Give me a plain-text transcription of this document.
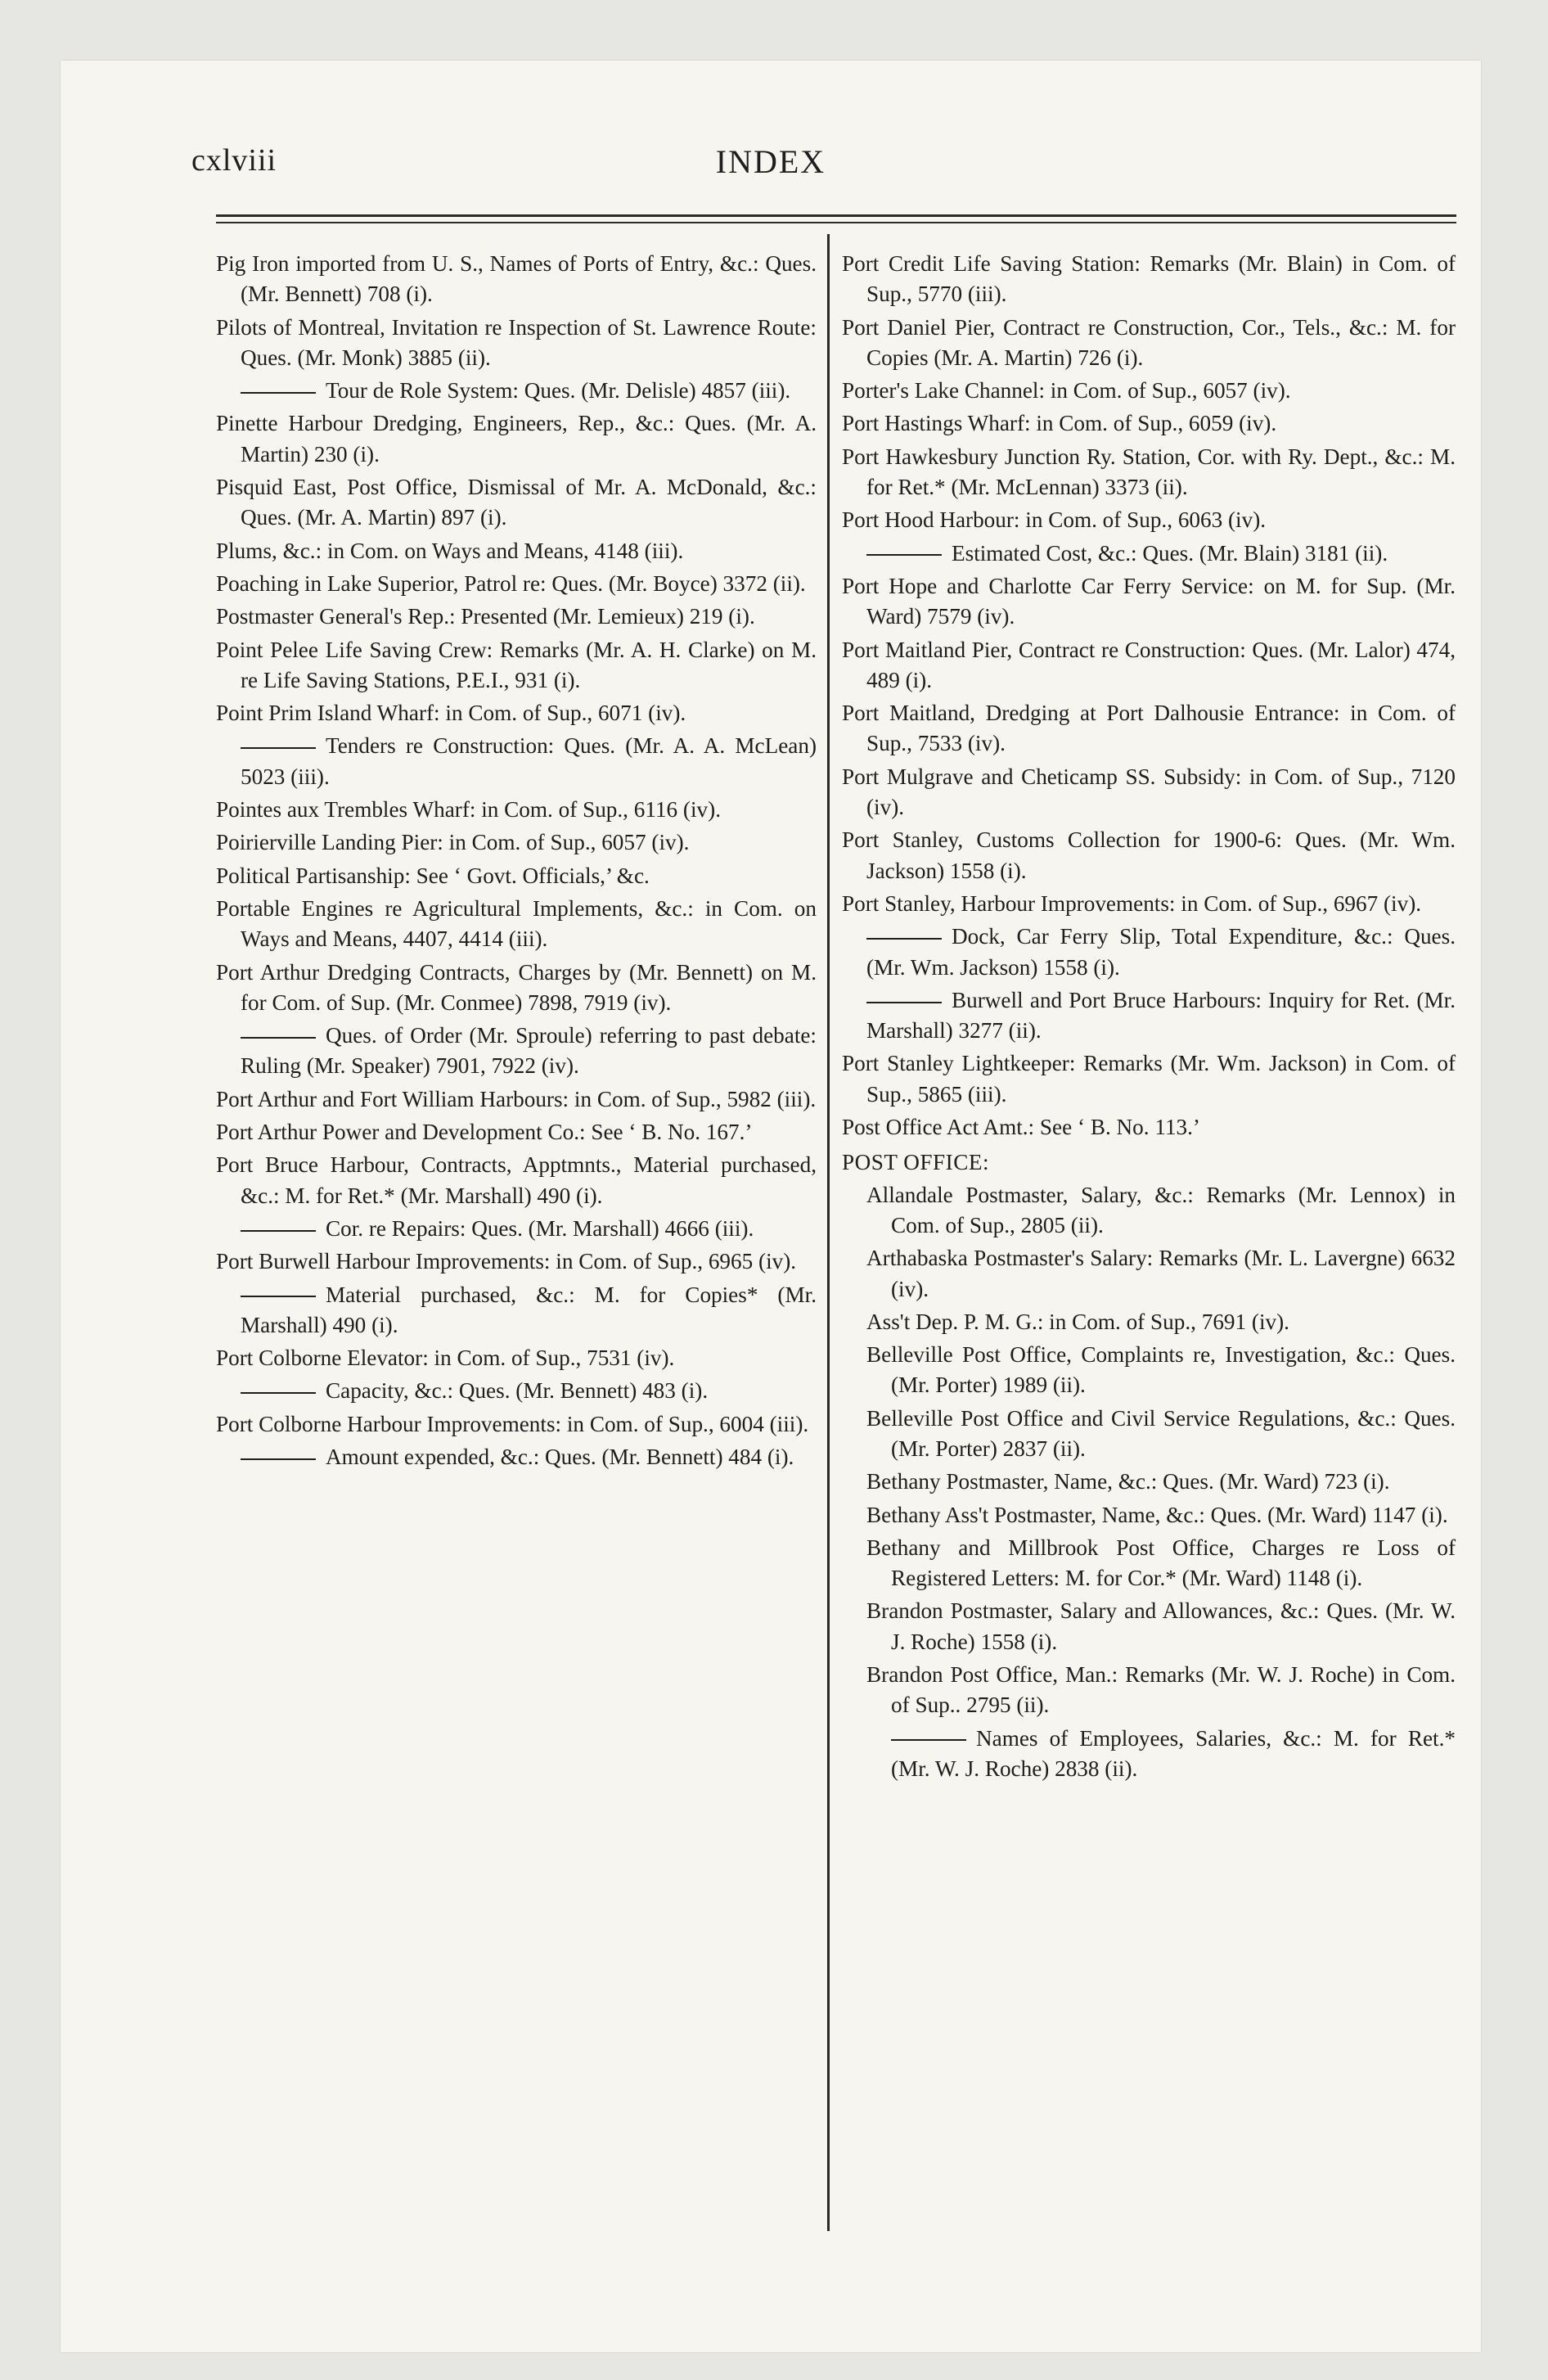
cxlviii	INDEX

Pig Iron imported from U. S., Names of Ports of Entry, &c.: Ques. (Mr. Bennett) 708 (i).

Pilots of Montreal, Invitation re Inspection of St. Lawrence Route: Ques. (Mr. Monk) 3885 (ii).

Tour de Role System: Ques. (Mr. Delisle) 4857 (iii).

Pinette Harbour Dredging, Engineers, Rep., &c.: Ques. (Mr. A. Martin) 230 (i).

Pisquid East, Post Office, Dismissal of Mr. A. McDonald, &c.: Ques. (Mr. A. Martin) 897 (i).

Plums, &c.: in Com. on Ways and Means, 4148 (iii).

Poaching in Lake Superior, Patrol re: Ques. (Mr. Boyce) 3372 (ii).

Postmaster General's Rep.: Presented (Mr. Lemieux) 219 (i).

Point Pelee Life Saving Crew: Remarks (Mr. A. H. Clarke) on M. re Life Saving Stations, P.E.I., 931 (i).

Point Prim Island Wharf: in Com. of Sup., 6071 (iv).

Tenders re Construction: Ques. (Mr. A. A. McLean) 5023 (iii).

Pointes aux Trembles Wharf: in Com. of Sup., 6116 (iv).

Poirierville Landing Pier: in Com. of Sup., 6057 (iv).

Political Partisanship: See ‘ Govt. Officials,’ &c.

Portable Engines re Agricultural Implements, &c.: in Com. on Ways and Means, 4407, 4414 (iii).

Port Arthur Dredging Contracts, Charges by (Mr. Bennett) on M. for Com. of Sup. (Mr. Conmee) 7898, 7919 (iv).

Ques. of Order (Mr. Sproule) referring to past debate: Ruling (Mr. Speaker) 7901, 7922 (iv).

Port Arthur and Fort William Harbours: in Com. of Sup., 5982 (iii).

Port Arthur Power and Development Co.: See ‘ B. No. 167.’

Port Bruce Harbour, Contracts, Apptmnts., Material purchased, &c.: M. for Ret.* (Mr. Marshall) 490 (i).

Cor. re Repairs: Ques. (Mr. Marshall) 4666 (iii).

Port Burwell Harbour Improvements: in Com. of Sup., 6965 (iv).

Material purchased, &c.: M. for Copies* (Mr. Marshall) 490 (i).

Port Colborne Elevator: in Com. of Sup., 7531 (iv).

Capacity, &c.: Ques. (Mr. Bennett) 483 (i).

Port Colborne Harbour Improvements: in Com. of Sup., 6004 (iii).

Amount expended, &c.: Ques. (Mr. Bennett) 484 (i).

Port Credit Life Saving Station: Remarks (Mr. Blain) in Com. of Sup., 5770 (iii).

Port Daniel Pier, Contract re Construction, Cor., Tels., &c.: M. for Copies (Mr. A. Martin) 726 (i).

Porter's Lake Channel: in Com. of Sup., 6057 (iv).

Port Hastings Wharf: in Com. of Sup., 6059 (iv).

Port Hawkesbury Junction Ry. Station, Cor. with Ry. Dept., &c.: M. for Ret.* (Mr. McLennan) 3373 (ii).

Port Hood Harbour: in Com. of Sup., 6063 (iv).

Estimated Cost, &c.: Ques. (Mr. Blain) 3181 (ii).

Port Hope and Charlotte Car Ferry Service: on M. for Sup. (Mr. Ward) 7579 (iv).

Port Maitland Pier, Contract re Construction: Ques. (Mr. Lalor) 474, 489 (i).

Port Maitland, Dredging at Port Dalhousie Entrance: in Com. of Sup., 7533 (iv).

Port Mulgrave and Cheticamp SS. Subsidy: in Com. of Sup., 7120 (iv).

Port Stanley, Customs Collection for 1900-6: Ques. (Mr. Wm. Jackson) 1558 (i).

Port Stanley, Harbour Improvements: in Com. of Sup., 6967 (iv).

Dock, Car Ferry Slip, Total Expenditure, &c.: Ques. (Mr. Wm. Jackson) 1558 (i).

Burwell and Port Bruce Harbours: Inquiry for Ret. (Mr. Marshall) 3277 (ii).

Port Stanley Lightkeeper: Remarks (Mr. Wm. Jackson) in Com. of Sup., 5865 (iii).

Post Office Act Amt.: See ‘ B. No. 113.’

POST OFFICE:

Allandale Postmaster, Salary, &c.: Remarks (Mr. Lennox) in Com. of Sup., 2805 (ii).

Arthabaska Postmaster's Salary: Remarks (Mr. L. Lavergne) 6632 (iv).

Ass't Dep. P. M. G.: in Com. of Sup., 7691 (iv).

Belleville Post Office, Complaints re, Investigation, &c.: Ques. (Mr. Porter) 1989 (ii).

Belleville Post Office and Civil Service Regulations, &c.: Ques. (Mr. Porter) 2837 (ii).

Bethany Postmaster, Name, &c.: Ques. (Mr. Ward) 723 (i).

Bethany Ass't Postmaster, Name, &c.: Ques. (Mr. Ward) 1147 (i).

Bethany and Millbrook Post Office, Charges re Loss of Registered Letters: M. for Cor.* (Mr. Ward) 1148 (i).

Brandon Postmaster, Salary and Allowances, &c.: Ques. (Mr. W. J. Roche) 1558 (i).

Brandon Post Office, Man.: Remarks (Mr. W. J. Roche) in Com. of Sup.. 2795 (ii).

Names of Employees, Salaries, &c.: M. for Ret.* (Mr. W. J. Roche) 2838 (ii).
